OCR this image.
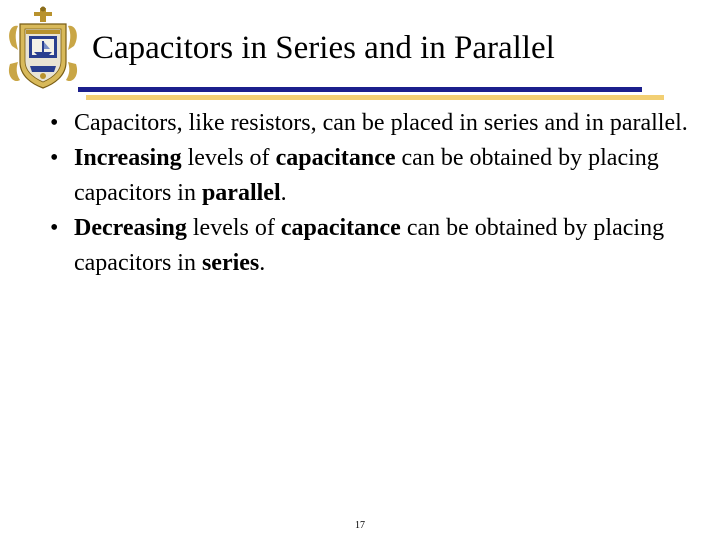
Capacitors in Series and in Parallel
• Capacitors, like resistors, can be placed in series and in parallel.
• Increasing levels of capacitance can be obtained by placing capacitors in parallel.
• Decreasing levels of capacitance can be obtained by placing capacitors in series.
17
